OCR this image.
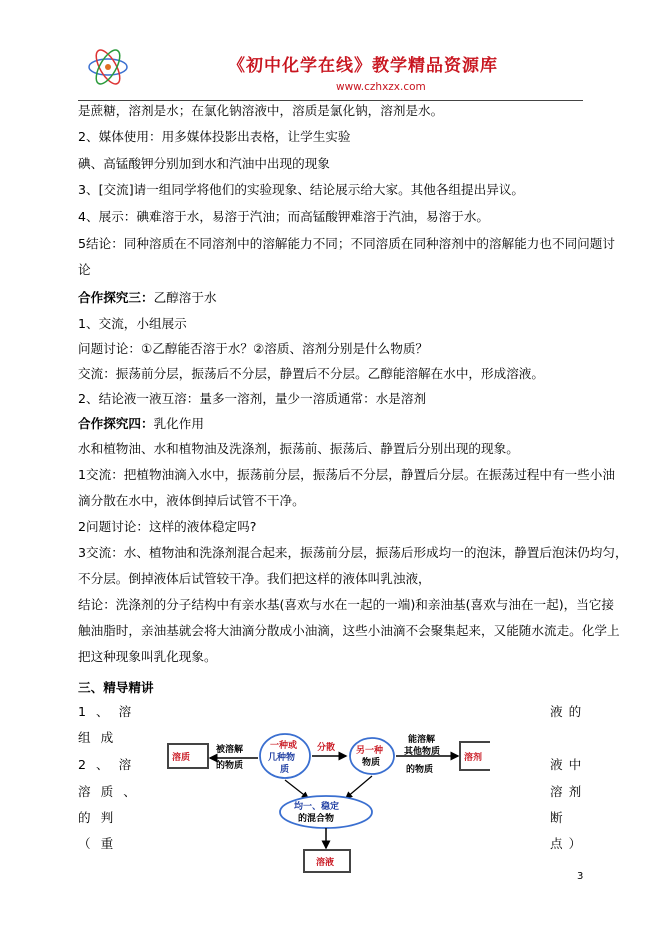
《初中化学在线》教学精品资源库
www.czhxzx.com
是蔗糖，溶剂是水；在氯化钠溶液中，溶质是氯化钠，溶剂是水。
2、媒体使用：用多媒体投影出表格，让学生实验
碘、高锰酸钾分别加到水和汽油中出现的现象
3、[交流]请一组同学将他们的实验现象、结论展示给大家。其他各组提出异议。
4、展示：碘难溶于水，易溶于汽油；而高锰酸钾难溶于汽油，易溶于水。
5结论：同种溶质在不同溶剂中的溶解能力不同；不同溶质在同种溶剂中的溶解能力也不同问题讨
论
合作探究三：乙醇溶于水
1、交流，小组展示
问题讨论：①乙醇能否溶于水？②溶质、溶剂分别是什么物质？
交流：振荡前分层，振荡后不分层，静置后不分层。乙醇能溶解在水中，形成溶液。
2、结论液一液互溶：量多一溶剂，量少一溶质通常：水是溶剂
合作探究四：乳化作用
水和植物油、水和植物油及洗涤剂，振荡前、振荡后、静置后分别出现的现象。
1交流：把植物油滴入水中，振荡前分层，振荡后不分层，静置后分层。在振荡过程中有一些小油
滴分散在水中，液体倒掉后试管不干净。
2问题讨论：这样的液体稳定吗?
3交流：水、植物油和洗涤剂混合起来，振荡前分层，振荡后形成均一的泡沫，静置后泡沫仍均匀，
不分层。倒掉液体后试管较干净。我们把这样的液体叫乳浊液，
结论：洗涤剂的分子结构中有亲水基(喜欢与水在一起的一端)和亲油基(喜欢与油在一起)，当它接
触油脂时，亲油基就会将大油滴分散成小油滴，这些小油滴不会聚集起来，又能随水流走。化学上
把这种现象叫乳化现象。
三、精导精讲
1、溶	液的
组成
2、溶	液中
溶质、	溶剂
的判	断
（重	点）
溶质
被溶解
的物质
一种或
几种物
质
分散 另一种
物质
能溶解
其他物质
的物质
溶剂
均一、稳定
的混合物
溶液
3
